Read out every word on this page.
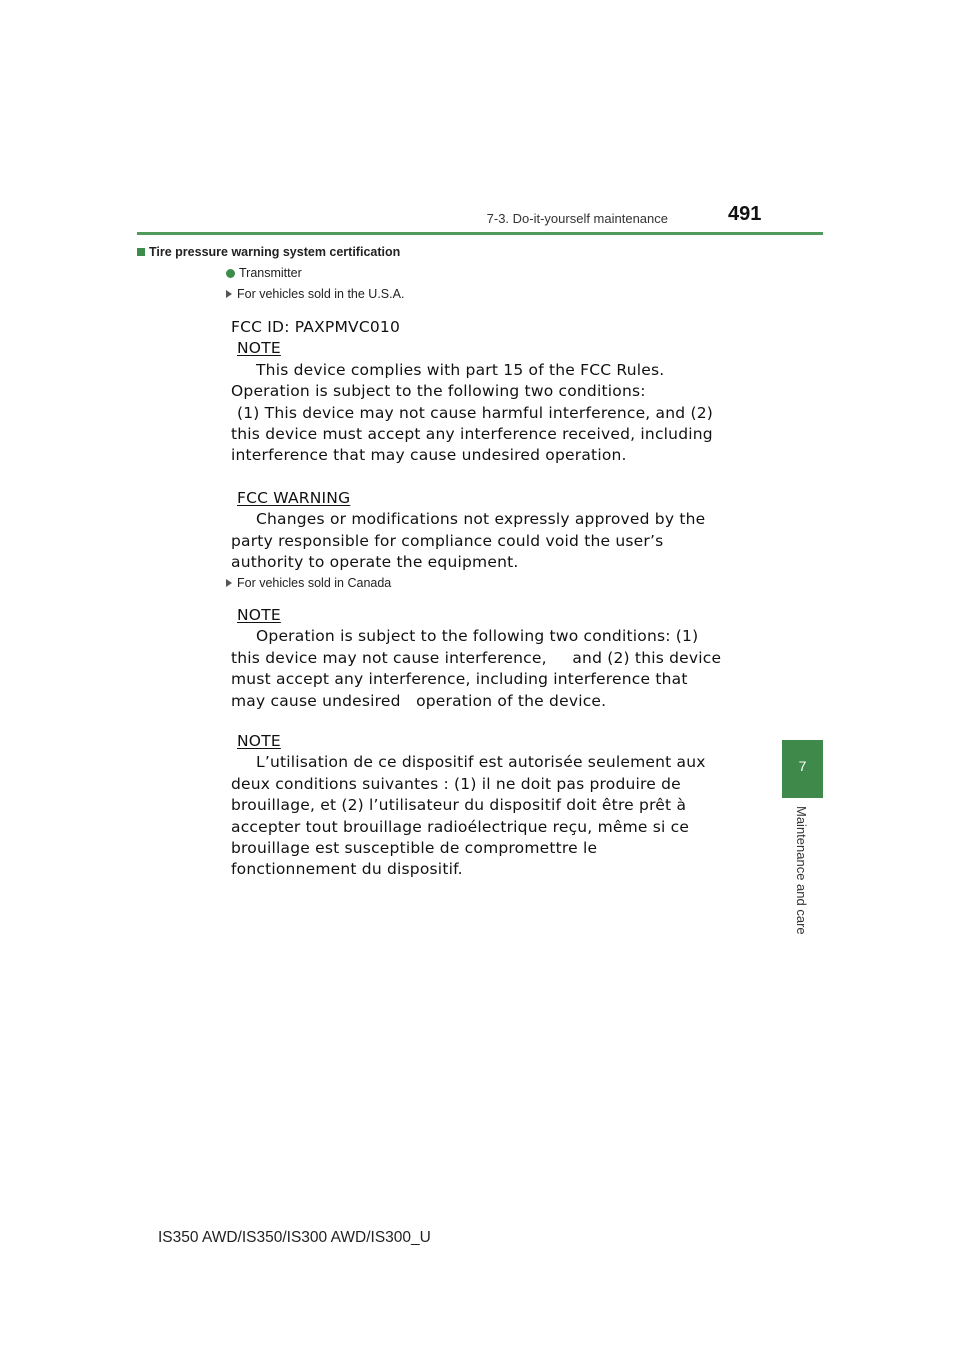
7-3. Do-it-yourself maintenance	491
Tire pressure warning system certification
Transmitter
For vehicles sold in the U.S.A.
FCC ID: PAXPMVC010
NOTE
This device complies with part 15 of the FCC Rules.
Operation is subject to the following two conditions:
(1) This device may not cause harmful interference, and (2)
this device must accept any interference received, including
interference that may cause undesired operation.
FCC WARNING
Changes or modifications not expressly approved by the
party responsible for compliance could void the user’s
authority to operate the equipment.
For vehicles sold in Canada
NOTE
Operation is subject to the following two conditions: (1)
this device may not cause interference,     and (2) this device
must accept any interference, including interference that
may cause undesired   operation of the device.
NOTE
L’utilisation de ce dispositif est autorisée seulement aux
deux conditions suivantes : (1) il ne doit pas produire de
brouillage, et (2) l’utilisateur du dispositif doit être prêt à
accepter tout brouillage radioélectrique reçu, même si ce
brouillage est susceptible de compromettre le
fonctionnement du dispositif.
7
Maintenance and care
IS350 AWD/IS350/IS300 AWD/IS300_U
